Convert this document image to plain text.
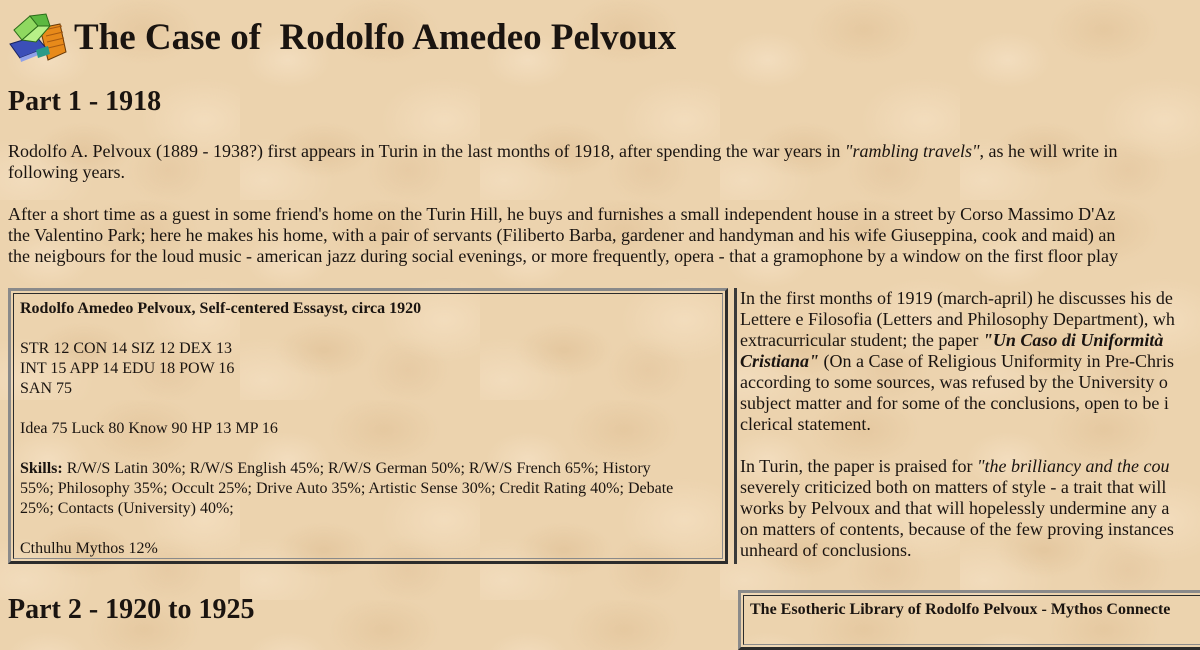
The Case of  Rodolfo Amedeo Pelvoux
Part 1 - 1918

Rodolfo A. Pelvoux (1889 - 1938?) first appears in Turin in the last months of 1918, after spending the war years in "rambling travels", as he will write in
following years.

After a short time as a guest in some friend's home on the Turin Hill, he buys and furnishes a small independent house in a street by Corso Massimo D'Az
the Valentino Park; here he makes his home, with a pair of servants (Filiberto Barba, gardener and handyman and his wife Giuseppina, cook and maid) an
the neigbours for the loud music - american jazz during social evenings, or more frequently, opera - that a gramophone by a window on the first floor play

Rodolfo Amedeo Pelvoux, Self-centered Essayst, circa 1920

STR 12 CON 14 SIZ 12 DEX 13

INT 15 APP 14 EDU 18 POW 16

SAN 75

Idea 75 Luck 80 Know 90 HP 13 MP 16

Skills: R/W/S Latin 30%; R/W/S English 45%; R/W/S German 50%; R/W/S French 65%; History
55%; Philosophy 35%; Occult 25%; Drive Auto 35%; Artistic Sense 30%; Credit Rating 40%; Debate
25%; Contacts (University) 40%;

Cthulhu Mythos 12%

In the first months of 1919 (march-april) he discusses his de
Lettere e Filosofia (Letters and Philosophy Department), wh
extracurricular student; the paper "Un Caso di Uniformità
Cristiana" (On a Case of Religious Uniformity in Pre-Chris
according to some sources, was refused by the University o
subject matter and for some of the conclusions, open to be i
clerical statement.

In Turin, the paper is praised for "the brilliancy and the cou
severely criticized both on matters of style - a trait that will
works by Pelvoux and that will hopelessly undermine any a
on matters of contents, because of the few proving instances
unheard of conclusions.

Part 2 - 1920 to 1925	The Esotheric Library of Rodolfo Pelvoux - Mythos Connecte
